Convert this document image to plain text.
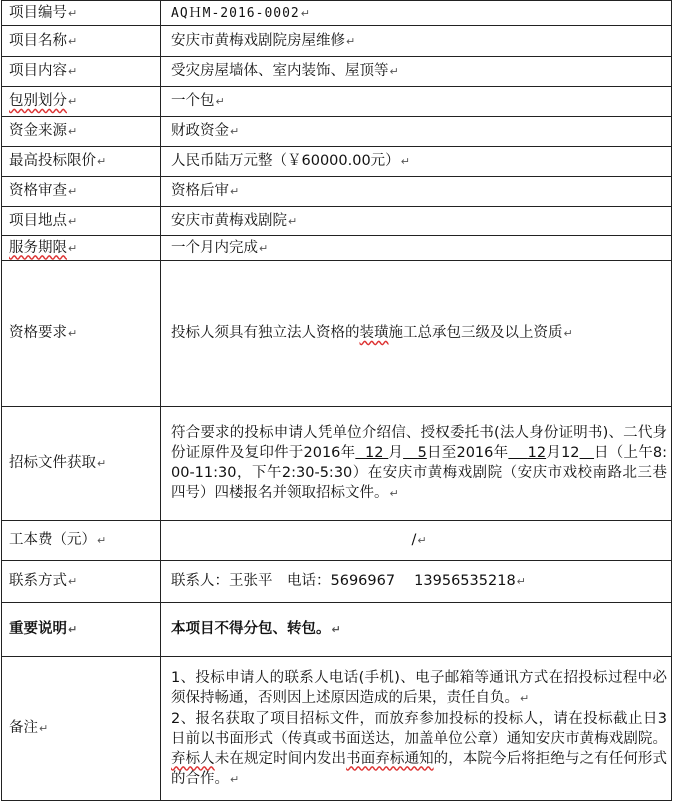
项目编号↵	AQＨM-2016-0002↵
项目名称↵	安庆市黄梅戏剧院房屋维修↵
项目内容↵	受灾房屋墙体、室内装饰、屋顶等↵
包别划分↵	一个包↵
资金来源↵	财政资金↵
最高投标限价↵	人民币陆万元整（￥60000.00元）↵
资格审查↵	资格后审↵
项目地点↵	安庆市黄梅戏剧院↵
服务期限↵	一个月内完成↵
资格要求↵	投标人须具有独立法人资格的装璜施工总承包三级及以上资质↵
招标文件获取↵	符合要求的投标申请人凭单位介绍信、授权委托书(法人身份证明书)、二代身份证原件及复印件于2016年 12 月 5日至2016年 12月12 日（上午8:00-11:30，下午2:30-5:30）在安庆市黄梅戏剧院（安庆市戏校南路北三巷四号）四楼报名并领取招标文件。↵
工本费（元）↵	/↵
联系方式↵	联系人：王张平　电话：5696967　 13956535218↵
重要说明↵	本项目不得分包、转包。↵
备注↵	1、投标申请人的联系人电话(手机)、电子邮箱等通讯方式在招投标过程中必须保持畅通，否则因上述原因造成的后果，责任自负。↵
2、报名获取了项目招标文件，而放弃参加投标的投标人，请在投标截止日3日前以书面形式（传真或书面送达，加盖单位公章）通知安庆市黄梅戏剧院。弃标人未在规定时间内发出书面弃标通知的，本院今后将拒绝与之有任何形式的合作。↵
